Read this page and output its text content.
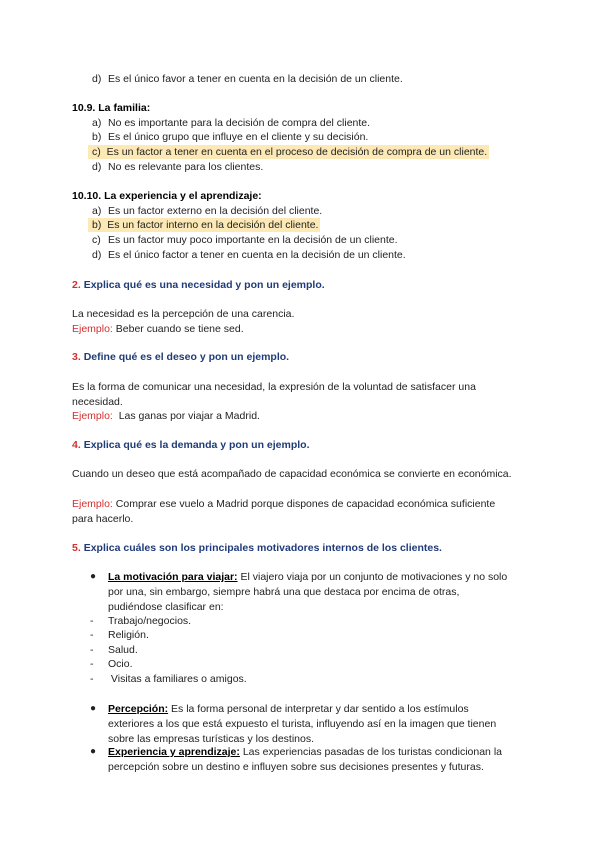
d) Es el único favor a tener en cuenta en la decisión de un cliente.
10.9. La familia:
a) No es importante para la decisión de compra del cliente.
b) Es el único grupo que influye en el cliente y su decisión.
c) Es un factor a tener en cuenta en el proceso de decisión de compra de un cliente.
d) No es relevante para los clientes.
10.10. La experiencia y el aprendizaje:
a) Es un factor externo en la decisión del cliente.
b) Es un factor interno en la decisión del cliente.
c) Es un factor muy poco importante en la decisión de un cliente.
d) Es el único factor a tener en cuenta en la decisión de un cliente.
2. Explica qué es una necesidad y pon un ejemplo.
La necesidad es la percepción de una carencia.
Ejemplo: Beber cuando se tiene sed.
3. Define qué es el deseo y pon un ejemplo.
Es la forma de comunicar una necesidad, la expresión de la voluntad de satisfacer una necesidad.
Ejemplo: Las ganas por viajar a Madrid.
4. Explica qué es la demanda y pon un ejemplo.
Cuando un deseo que está acompañado de capacidad económica se convierte en económica.
Ejemplo: Comprar ese vuelo a Madrid porque dispones de capacidad económica suficiente para hacerlo.
5. Explica cuáles son los principales motivadores internos de los clientes.
● La motivación para viajar: El viajero viaja por un conjunto de motivaciones y no solo por una, sin embargo, siempre habrá una que destaca por encima de otras, pudiéndose clasificar en:
- Trabajo/negocios.
- Religión.
- Salud.
- Ocio.
- Visitas a familiares o amigos.
● Percepción: Es la forma personal de interpretar y dar sentido a los estímulos exteriores a los que está expuesto el turista, influyendo así en la imagen que tienen sobre las empresas turísticas y los destinos.
● Experiencia y aprendizaje: Las experiencias pasadas de los turistas condicionan la percepción sobre un destino e influyen sobre sus decisiones presentes y futuras.
